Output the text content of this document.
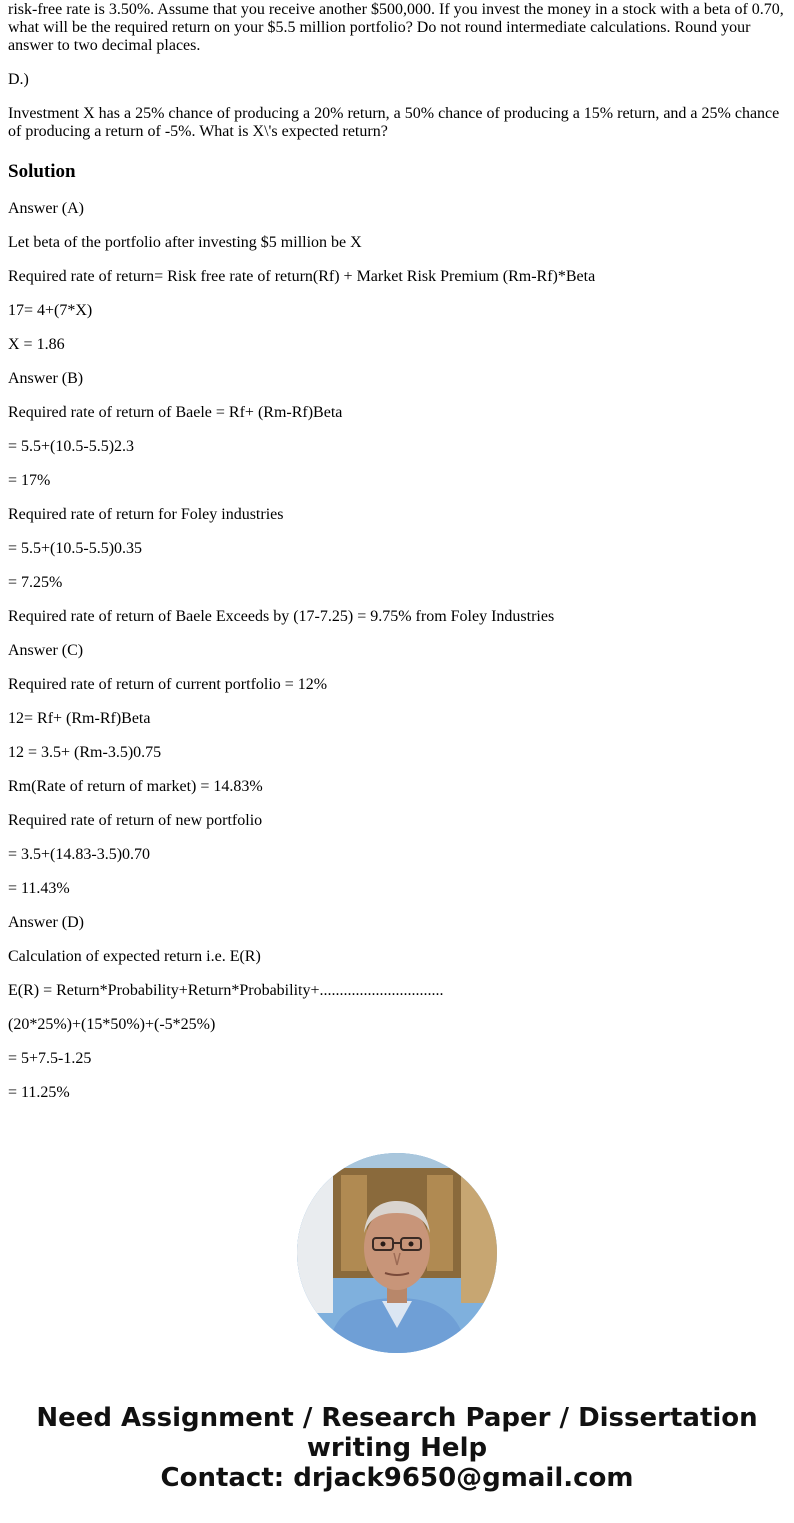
risk-free rate is 3.50%. Assume that you receive another $500,000. If you invest the money in a stock with a beta of 0.70, what will be the required return on your $5.5 million portfolio? Do not round intermediate calculations. Round your answer to two decimal places.

D.)

Investment X has a 25% chance of producing a 20% return, a 50% chance of producing a 15% return, and a 25% chance of producing a return of -5%. What is X\'s expected return?

Solution

Answer (A)

Let beta of the portfolio after investing $5 million be X

Required rate of return= Risk free rate of return(Rf) + Market Risk Premium (Rm-Rf)*Beta

17= 4+(7*X)

X = 1.86

Answer (B)

Required rate of return of Baele = Rf+ (Rm-Rf)Beta

= 5.5+(10.5-5.5)2.3

= 17%

Required rate of return for Foley industries

= 5.5+(10.5-5.5)0.35

= 7.25%

Required rate of return of Baele Exceeds by (17-7.25) = 9.75% from Foley Industries

Answer (C)

Required rate of return of current portfolio = 12%

12= Rf+ (Rm-Rf)Beta

12 = 3.5+ (Rm-3.5)0.75

Rm(Rate of return of market) = 14.83%

Required rate of return of new portfolio

= 3.5+(14.83-3.5)0.70

= 11.43%

Answer (D)

Calculation of expected return i.e. E(R)

E(R) = Return*Probability+Return*Probability+...............................

(20*25%)+(15*50%)+(-5*25%)

= 5+7.5-1.25

= 11.25%

Need Assignment / Research Paper / Dissertation
writing Help
Contact: drjack9650@gmail.com
